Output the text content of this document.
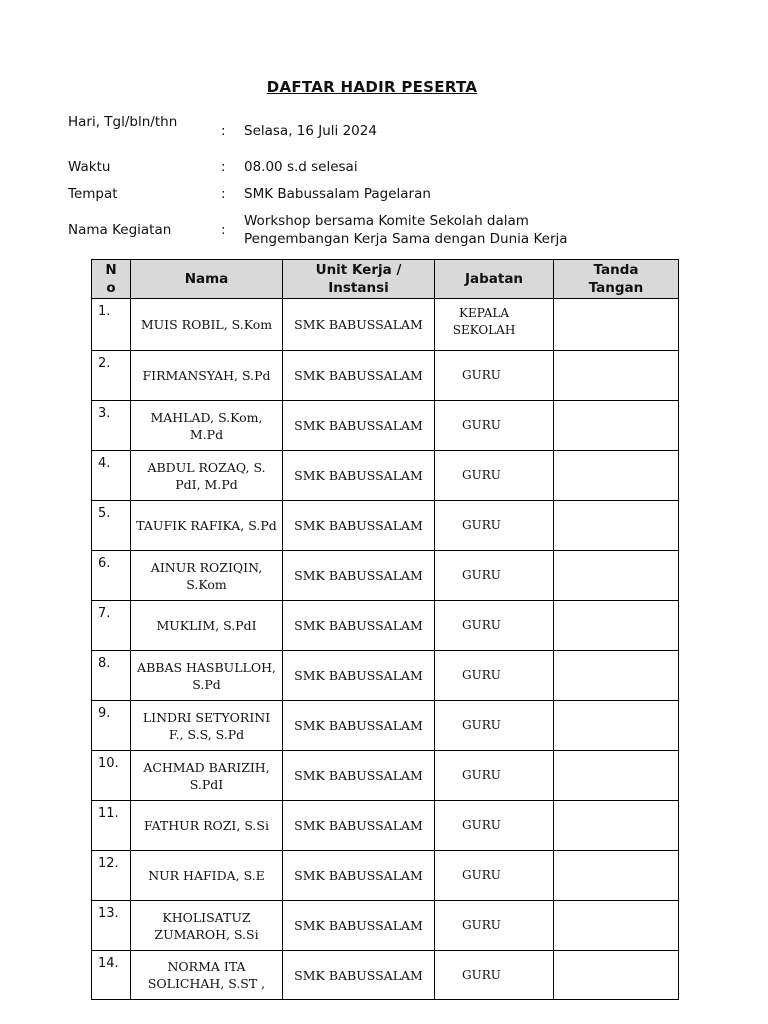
DAFTAR HADIR PESERTA
Hari, Tgl/bln/thn
: Selasa, 16 Juli 2024
Waktu	: 08.00 s.d selesai
Tempat	: SMK Babussalam Pagelaran
Nama Kegiatan	:
Workshop bersama Komite Sekolah dalam Pengembangan Kerja Sama dengan Dunia Kerja
No	Nama	Unit Kerja / Instansi	Jabatan	Tanda Tangan
1.	MUIS ROBIL, S.Kom	SMK BABUSSALAM	KEPALA SEKOLAH	
2.	FIRMANSYAH, S.Pd	SMK BABUSSALAM	GURU	
3.	MAHLAD, S.Kom, M.Pd	SMK BABUSSALAM	GURU	
4.	ABDUL ROZAQ, S. PdI, M.Pd	SMK BABUSSALAM	GURU	
5.	TAUFIK RAFIKA, S.Pd	SMK BABUSSALAM	GURU	
6.	AINUR ROZIQIN, S.Kom	SMK BABUSSALAM	GURU	
7.	MUKLIM, S.PdI	SMK BABUSSALAM	GURU	
8.	ABBAS HASBULLOH, S.Pd	SMK BABUSSALAM	GURU	
9.	LINDRI SETYORINI F., S.S, S.Pd	SMK BABUSSALAM	GURU	
10.	ACHMAD BARIZIH, S.PdI	SMK BABUSSALAM	GURU	
11.	FATHUR ROZI, S.Si	SMK BABUSSALAM	GURU	
12.	NUR HAFIDA, S.E	SMK BABUSSALAM	GURU	
13.	KHOLISATUZ ZUMAROH, S.Si	SMK BABUSSALAM	GURU	
14.	NORMA ITA SOLICHAH, S.ST ,	SMK BABUSSALAM	GURU	
